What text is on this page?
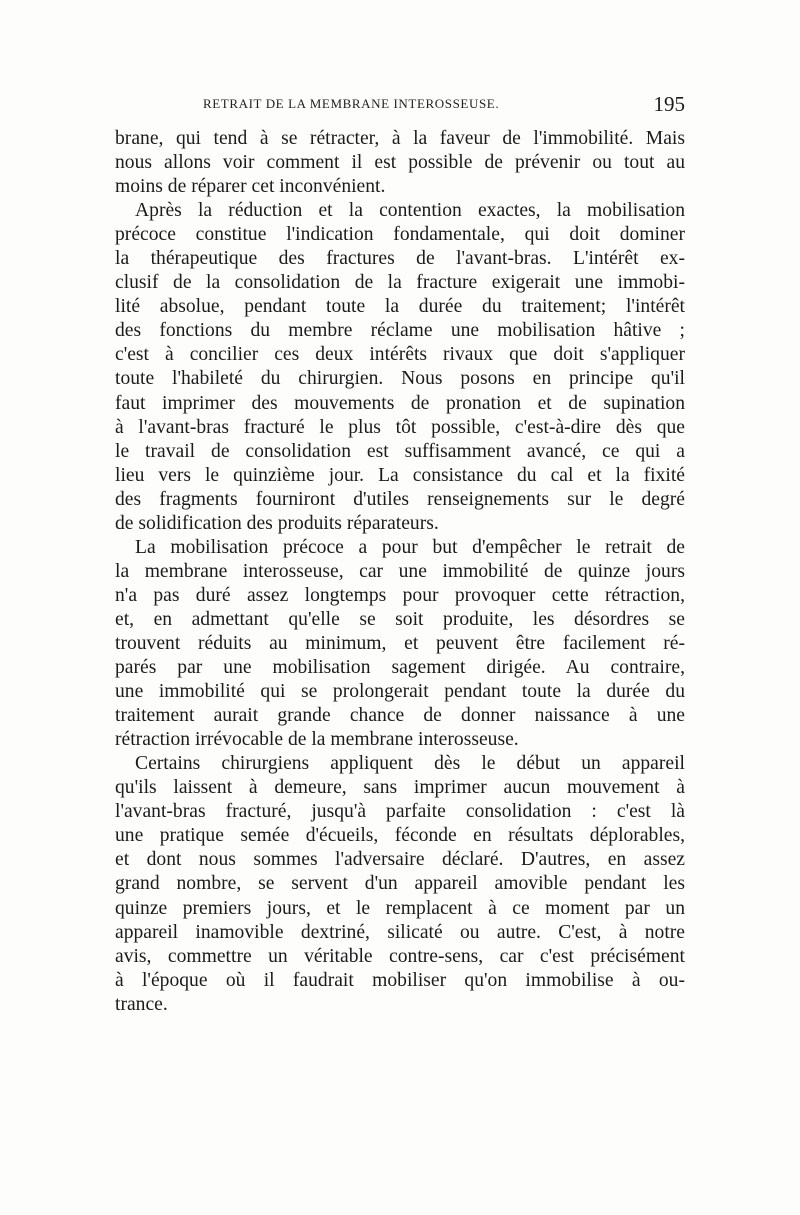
RETRAIT DE LA MEMBRANE INTEROSSEUSE.	195
brane, qui tend à se rétracter, à la faveur de l'immobilité. Mais
nous allons voir comment il est possible de prévenir ou tout au
moins de réparer cet inconvénient.
Après la réduction et la contention exactes, la mobilisation
précoce constitue l'indication fondamentale, qui doit dominer
la thérapeutique des fractures de l'avant-bras. L'intérêt ex-
clusif de la consolidation de la fracture exigerait une immobi-
lité absolue, pendant toute la durée du traitement; l'intérêt
des fonctions du membre réclame une mobilisation hâtive ;
c'est à concilier ces deux intérêts rivaux que doit s'appliquer
toute l'habileté du chirurgien. Nous posons en principe qu'il
faut imprimer des mouvements de pronation et de supination
à l'avant-bras fracturé le plus tôt possible, c'est-à-dire dès que
le travail de consolidation est suffisamment avancé, ce qui a
lieu vers le quinzième jour. La consistance du cal et la fixité
des fragments fourniront d'utiles renseignements sur le degré
de solidification des produits réparateurs.
La mobilisation précoce a pour but d'empêcher le retrait de
la membrane interosseuse, car une immobilité de quinze jours
n'a pas duré assez longtemps pour provoquer cette rétraction,
et, en admettant qu'elle se soit produite, les désordres se
trouvent réduits au minimum, et peuvent être facilement ré-
parés par une mobilisation sagement dirigée. Au contraire,
une immobilité qui se prolongerait pendant toute la durée du
traitement aurait grande chance de donner naissance à une
rétraction irrévocable de la membrane interosseuse.
Certains chirurgiens appliquent dès le début un appareil
qu'ils laissent à demeure, sans imprimer aucun mouvement à
l'avant-bras fracturé, jusqu'à parfaite consolidation : c'est là
une pratique semée d'écueils, féconde en résultats déplorables,
et dont nous sommes l'adversaire déclaré. D'autres, en assez
grand nombre, se servent d'un appareil amovible pendant les
quinze premiers jours, et le remplacent à ce moment par un
appareil inamovible dextriné, silicaté ou autre. C'est, à notre
avis, commettre un véritable contre-sens, car c'est précisément
à l'époque où il faudrait mobiliser qu'on immobilise à ou-
trance.
